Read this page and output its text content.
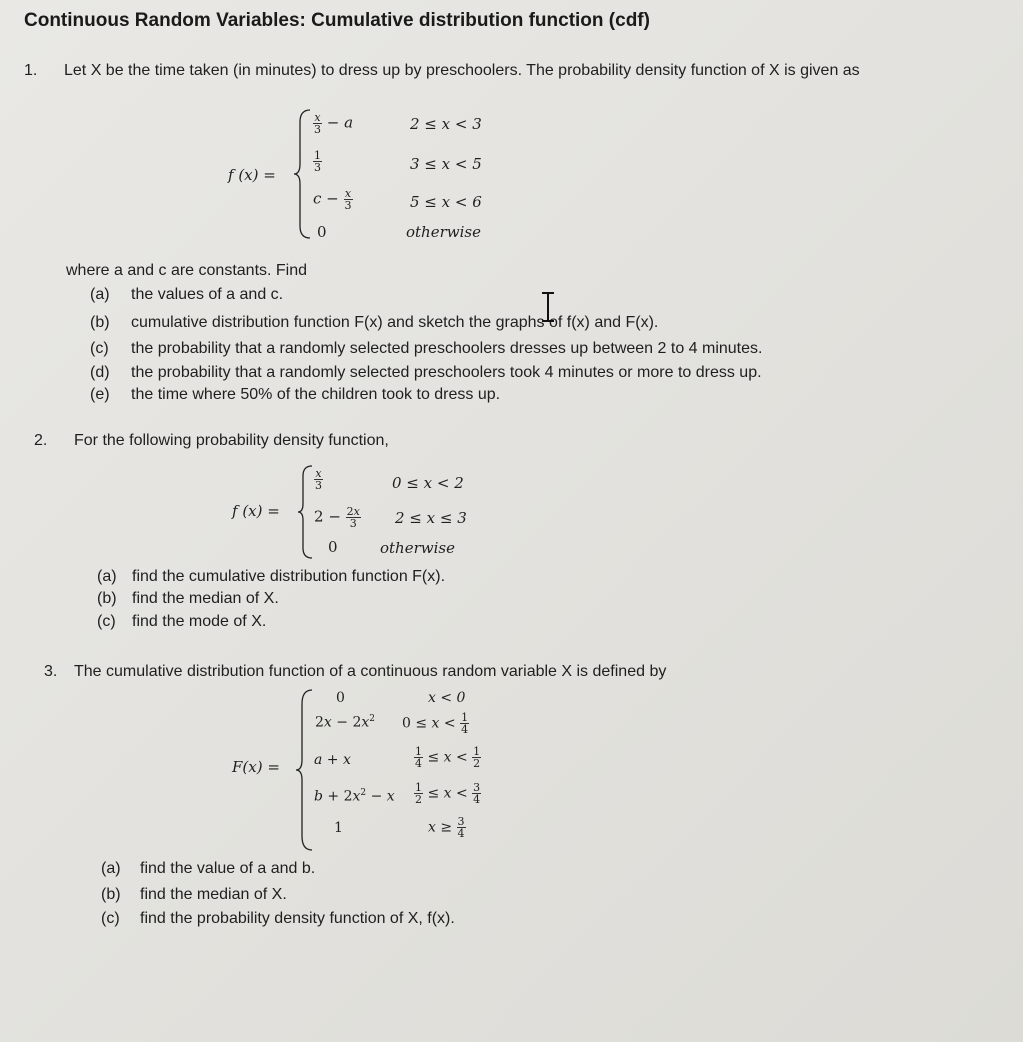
Continuous Random Variables: Cumulative distribution function (cdf)
1. Let X be the time taken (in minutes) to dress up by preschoolers. The probability density function of X is given as
f (x) =
$\frac{x}{3} - a$
$\frac{1}{3}$
$c - \frac{x}{3}$
0
2 ≤ x < 3
3 ≤ x < 5
5 ≤ x < 6
otherwise
where a and c are constants. Find
(a) the values of a and c.
(b) cumulative distribution function F(x) and sketch the graphs of f(x) and F(x).
(c) the probability that a randomly selected preschoolers dresses up between 2 to 4 minutes.
(d) the probability that a randomly selected preschoolers took 4 minutes or more to dress up.
(e) the time where 50% of the children took to dress up.
2. For the following probability density function,
f (x) =
$\frac{x}{3}$
$2 - \frac{2x}{3}$
0
0 ≤ x < 2
2 ≤ x ≤ 3
otherwise
(a) find the cumulative distribution function F(x).
(b) find the median of X.
(c) find the mode of X.
3. The cumulative distribution function of a continuous random variable X is defined by
F(x) =
0
$2x - 2x^2$
a + x
$b + 2x^2 - x$
1
x < 0
$0 \le x < \frac{1}{4}$
$\frac{1}{4} \le x < \frac{1}{2}$
$\frac{1}{2} \le x < \frac{3}{4}$
$x \ge \frac{3}{4}$
(a) find the value of a and b.
(b) find the median of X.
(c) find the probability density function of X, f(x).
